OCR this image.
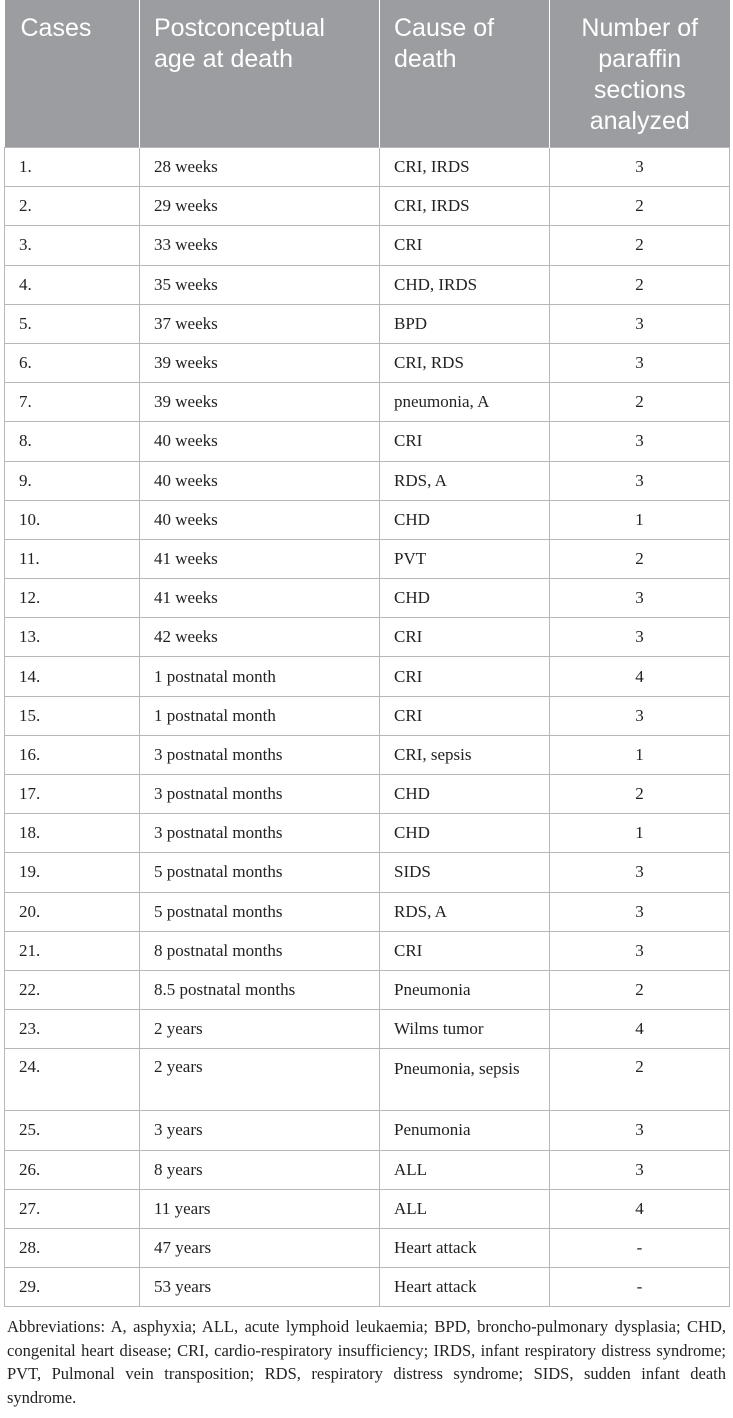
Cases	Postconceptual age at death	Cause of death	Number of paraffin sections analyzed
1.	28 weeks	CRI, IRDS	3
2.	29 weeks	CRI, IRDS	2
3.	33 weeks	CRI	2
4.	35 weeks	CHD, IRDS	2
5.	37 weeks	BPD	3
6.	39 weeks	CRI, RDS	3
7.	39 weeks	pneumonia, A	2
8.	40 weeks	CRI	3
9.	40 weeks	RDS, A	3
10.	40 weeks	CHD	1
11.	41 weeks	PVT	2
12.	41 weeks	CHD	3
13.	42 weeks	CRI	3
14.	1 postnatal month	CRI	4
15.	1 postnatal month	CRI	3
16.	3 postnatal months	CRI, sepsis	1
17.	3 postnatal months	CHD	2
18.	3 postnatal months	CHD	1
19.	5 postnatal months	SIDS	3
20.	5 postnatal months	RDS, A	3
21.	8 postnatal months	CRI	3
22.	8.5 postnatal months	Pneumonia	2
23.	2 years	Wilms tumor	4
24.	2 years	Pneumonia, sepsis	2
25.	3 years	Penumonia	3
26.	8 years	ALL	3
27.	11 years	ALL	4
28.	47 years	Heart attack	-
29.	53 years	Heart attack	-
Abbreviations: A, asphyxia; ALL, acute lymphoid leukaemia; BPD, broncho-pulmonary dysplasia; CHD, congenital heart disease; CRI, cardio-respiratory insufficiency; IRDS, infant respiratory distress syndrome; PVT, Pulmonal vein transposition; RDS, respiratory distress syndrome; SIDS, sudden infant death syndrome.
